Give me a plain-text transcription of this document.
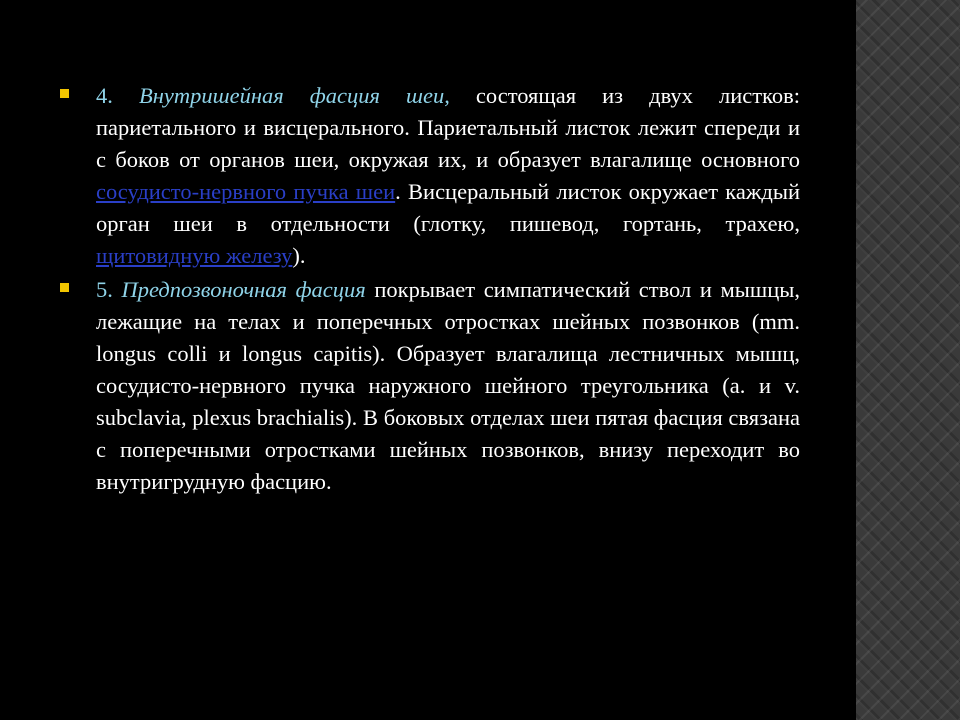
4. Внутришейная фасция шеи, состоящая из двух листков: париетального и висцерального. Париетальный листок лежит спереди и с боков от органов шеи, окружая их, и образует влагалище основного сосудисто-нервного пучка шеи. Висцеральный листок окружает каждый орган шеи в отдельности (глотку, пишевод, гортань, трахею, щитовидную железу).
5. Предпозвоночная фасция покрывает симпатический ствол и мышцы, лежащие на телах и поперечных отростках шейных позвонков (mm. longus colli и longus capitis). Образует влагалища лестничных мышц, сосудисто-нервного пучка наружного шейного треугольника (a. и v. subclavia, plexus brachialis). В боковых отделах шеи пятая фасция связана с поперечными отростками шейных позвонков, внизу переходит во внутригрудную фасцию.
